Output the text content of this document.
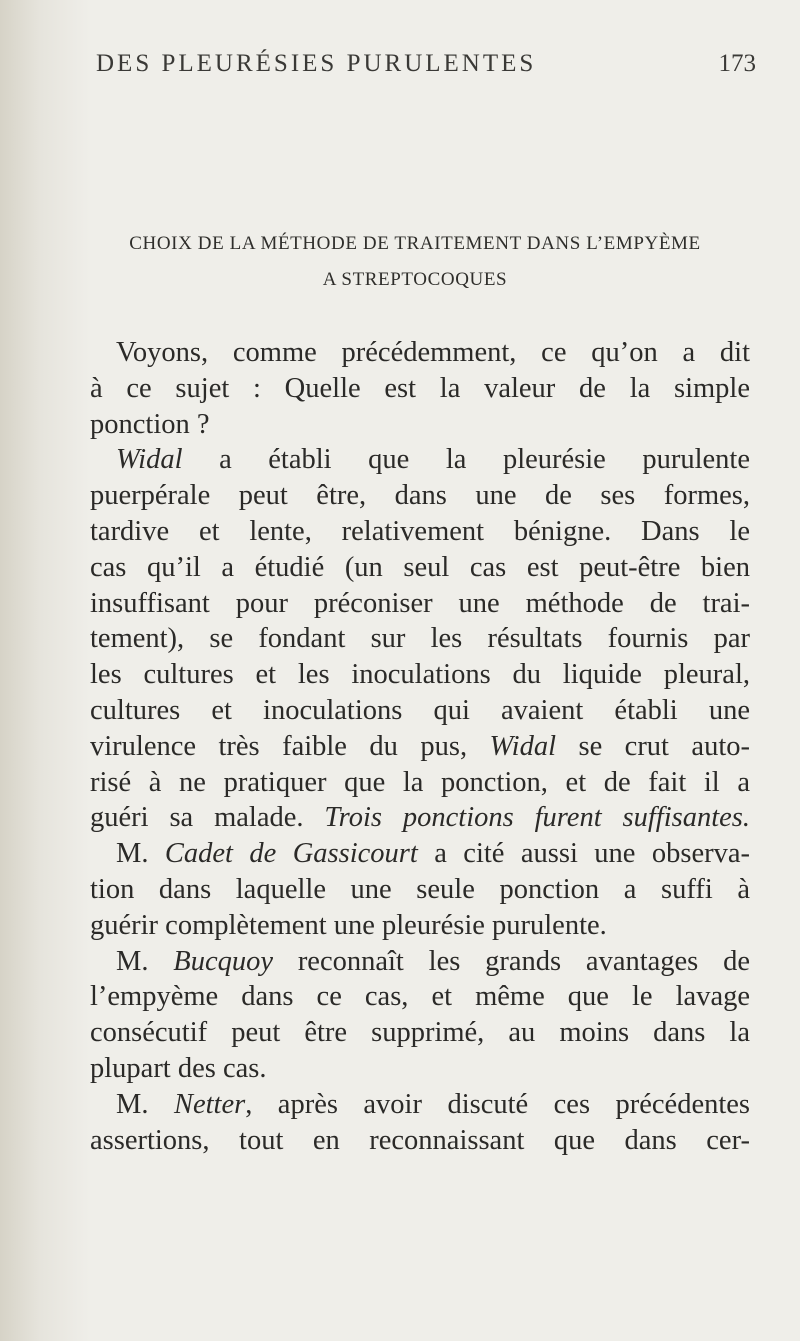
DES PLEURÉSIES PURULENTES	173
CHOIX DE LA MÉTHODE DE TRAITEMENT DANS L’EMPYÈME
A STREPTOCOQUES
Voyons, comme précédemment, ce qu’on a dit
à ce sujet : Quelle est la valeur de la simple
ponction ?
Widal a établi que la pleurésie purulente
puerpérale peut être, dans une de ses formes,
tardive et lente, relativement bénigne. Dans le
cas qu’il a étudié (un seul cas est peut-être bien
insuffisant pour préconiser une méthode de trai-
tement), se fondant sur les résultats fournis par
les cultures et les inoculations du liquide pleural,
cultures et inoculations qui avaient établi une
virulence très faible du pus, Widal se crut auto-
risé à ne pratiquer que la ponction, et de fait il a
guéri sa malade. Trois ponctions furent suffisantes.
M. Cadet de Gassicourt a cité aussi une observa-
tion dans laquelle une seule ponction a suffi à
guérir complètement une pleurésie purulente.
M. Bucquoy reconnaît les grands avantages de
l’empyème dans ce cas, et même que le lavage
consécutif peut être supprimé, au moins dans la
plupart des cas.
M. Netter, après avoir discuté ces précédentes
assertions, tout en reconnaissant que dans cer-
